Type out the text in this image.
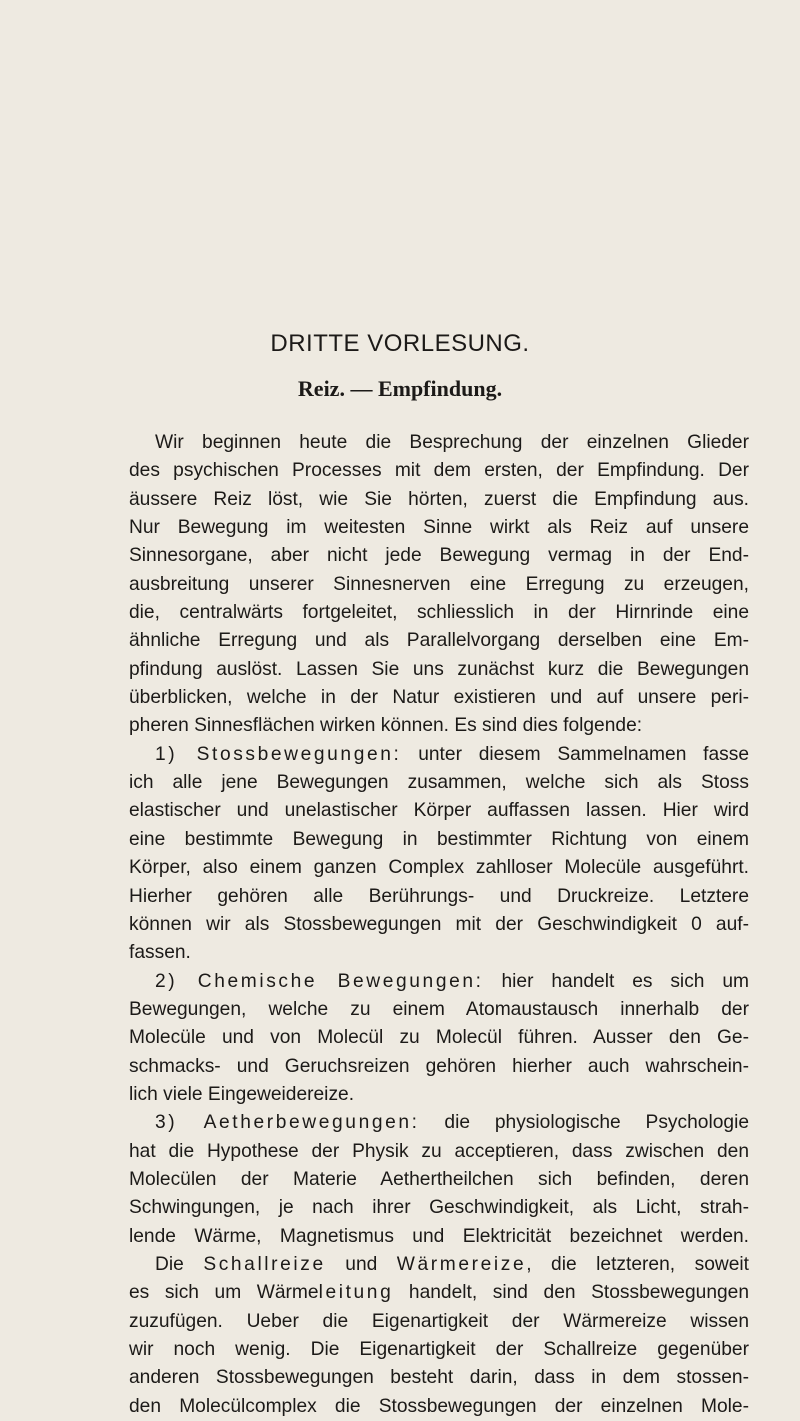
DRITTE VORLESUNG.
Reiz. — Empfindung.
Wir beginnen heute die Besprechung der einzelnen Glieder
des psychischen Processes mit dem ersten, der Empfindung. Der
äussere Reiz löst, wie Sie hörten, zuerst die Empfindung aus.
Nur Bewegung im weitesten Sinne wirkt als Reiz auf unsere
Sinnesorgane, aber nicht jede Bewegung vermag in der End-
ausbreitung unserer Sinnesnerven eine Erregung zu erzeugen,
die, centralwärts fortgeleitet, schliesslich in der Hirnrinde eine
ähnliche Erregung und als Parallelvorgang derselben eine Em-
pfindung auslöst. Lassen Sie uns zunächst kurz die Bewegungen
überblicken, welche in der Natur existieren und auf unsere peri-
pheren Sinnesflächen wirken können. Es sind dies folgende:
1) Stossbewegungen: unter diesem Sammelnamen fasse
ich alle jene Bewegungen zusammen, welche sich als Stoss
elastischer und unelastischer Körper auffassen lassen. Hier wird
eine bestimmte Bewegung in bestimmter Richtung von einem
Körper, also einem ganzen Complex zahlloser Molecüle ausgeführt.
Hierher gehören alle Berührungs- und Druckreize. Letztere
können wir als Stossbewegungen mit der Geschwindigkeit 0 auf-
fassen.
2) Chemische Bewegungen: hier handelt es sich um
Bewegungen, welche zu einem Atomaustausch innerhalb der
Molecüle und von Molecül zu Molecül führen. Ausser den Ge-
schmacks- und Geruchsreizen gehören hierher auch wahrschein-
lich viele Eingeweidereize.
3) Aetherbewegungen: die physiologische Psychologie
hat die Hypothese der Physik zu acceptieren, dass zwischen den
Molecülen der Materie Aethertheilchen sich befinden, deren
Schwingungen, je nach ihrer Geschwindigkeit, als Licht, strah-
lende Wärme, Magnetismus und Elektricität bezeichnet werden.
Die Schallreize und Wärmereize, die letzteren, soweit
es sich um Wärmeleitung handelt, sind den Stossbewegungen
zuzufügen. Ueber die Eigenartigkeit der Wärmereize wissen
wir noch wenig. Die Eigenartigkeit der Schallreize gegenüber
anderen Stossbewegungen besteht darin, dass in dem stossen-
den Molecülcomplex die Stossbewegungen der einzelnen Mole-
